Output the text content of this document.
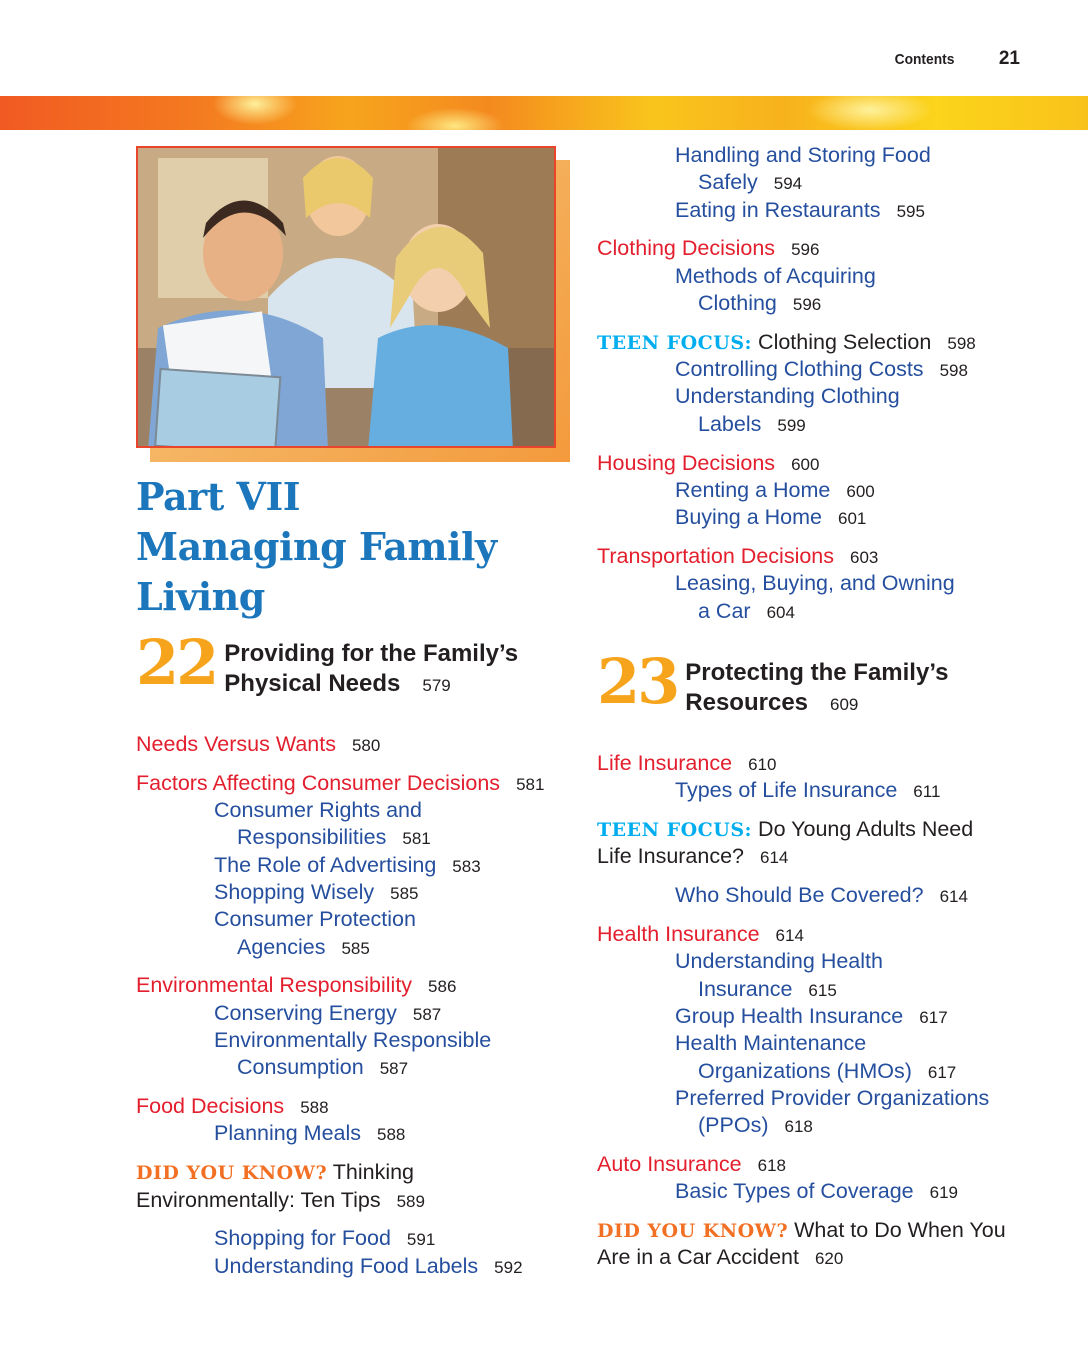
Contents 21
Part VII
Managing Family
Living
22 Providing for the Family’s
Physical Needs 579
Needs Versus Wants 580
Factors Affecting Consumer Decisions 581
Consumer Rights and
Responsibilities 581
The Role of Advertising 583
Shopping Wisely 585
Consumer Protection
Agencies 585
Environmental Responsibility 586
Conserving Energy 587
Environmentally Responsible
Consumption 587
Food Decisions 588
Planning Meals 588
DID YOU KNOW? Thinking
Environmentally: Ten Tips 589
Shopping for Food 591
Understanding Food Labels 592
Handling and Storing Food
Safely 594
Eating in Restaurants 595
Clothing Decisions 596
Methods of Acquiring
Clothing 596
TEEN FOCUS: Clothing Selection 598
Controlling Clothing Costs 598
Understanding Clothing
Labels 599
Housing Decisions 600
Renting a Home 600
Buying a Home 601
Transportation Decisions 603
Leasing, Buying, and Owning
a Car 604
23 Protecting the Family’s
Resources 609
Life Insurance 610
Types of Life Insurance 611
TEEN FOCUS: Do Young Adults Need
Life Insurance? 614
Who Should Be Covered? 614
Health Insurance 614
Understanding Health
Insurance 615
Group Health Insurance 617
Health Maintenance
Organizations (HMOs) 617
Preferred Provider Organizations
(PPOs) 618
Auto Insurance 618
Basic Types of Coverage 619
DID YOU KNOW? What to Do When You
Are in a Car Accident 620
